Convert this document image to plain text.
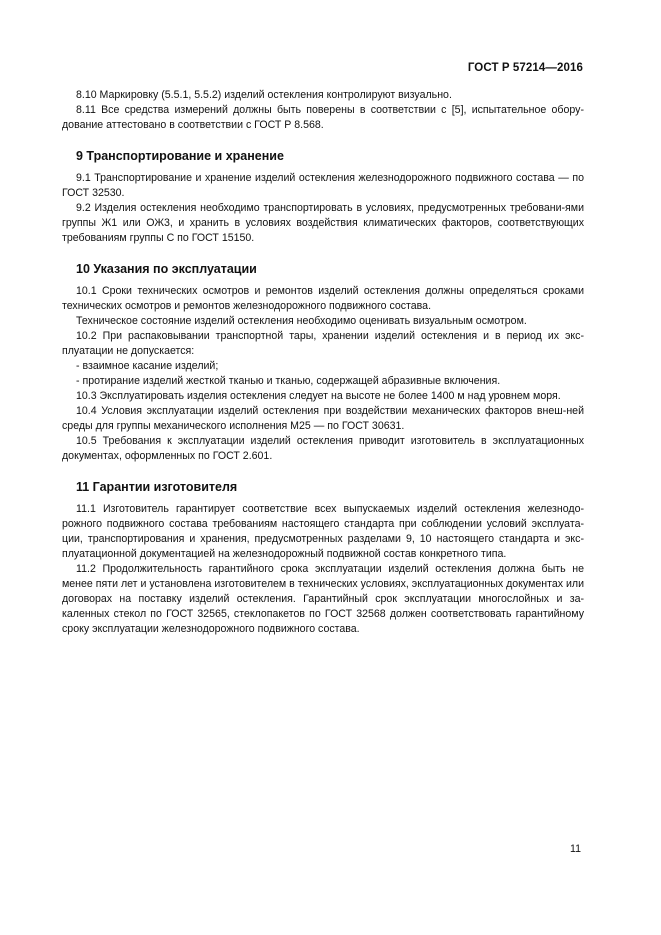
ГОСТ Р 57214—2016

8.10 Маркировку (5.5.1, 5.5.2) изделий остекления контролируют визуально.

8.11 Все средства измерений должны быть поверены в соответствии с [5], испытательное обору-дование аттестовано в соответствии с ГОСТ Р 8.568.

9 Транспортирование и хранение

9.1 Транспортирование и хранение изделий остекления железнодорожного подвижного состава — по ГОСТ 32530.

9.2 Изделия остекления необходимо транспортировать в условиях, предусмотренных требовани-ями группы Ж1 или ОЖ3, и хранить в условиях воздействия климатических факторов, соответствующих требованиям группы С по ГОСТ 15150.

10 Указания по эксплуатации

10.1 Сроки технических осмотров и ремонтов изделий остекления должны определяться сроками технических осмотров и ремонтов железнодорожного подвижного состава.

Техническое состояние изделий остекления необходимо оценивать визуальным осмотром.

10.2 При распаковывании транспортной тары, хранении изделий остекления и в период их экс-плуатации не допускается:

- взаимное касание изделий;

- протирание изделий жесткой тканью и тканью, содержащей абразивные включения.

10.3 Эксплуатировать изделия остекления следует на высоте не более 1400 м над уровнем моря.

10.4 Условия эксплуатации изделий остекления при воздействии механических факторов внеш-ней среды для группы механического исполнения М25 — по ГОСТ 30631.

10.5 Требования к эксплуатации изделий остекления приводит изготовитель в эксплуатационных документах, оформленных по ГОСТ 2.601.

11 Гарантии изготовителя

11.1 Изготовитель гарантирует соответствие всех выпускаемых изделий остекления железнодо-рожного подвижного состава требованиям настоящего стандарта при соблюдении условий эксплуата-ции, транспортирования и хранения, предусмотренных разделами 9, 10 настоящего стандарта и экс-плуатационной документацией на железнодорожный подвижной состав конкретного типа.

11.2 Продолжительность гарантийного срока эксплуатации изделий остекления должна быть не менее пяти лет и установлена изготовителем в технических условиях, эксплуатационных документах или договорах на поставку изделий остекления. Гарантийный срок эксплуатации многослойных и за-каленных стекол по ГОСТ 32565, стеклопакетов по ГОСТ 32568 должен соответствовать гарантийному сроку эксплуатации железнодорожного подвижного состава.

11
